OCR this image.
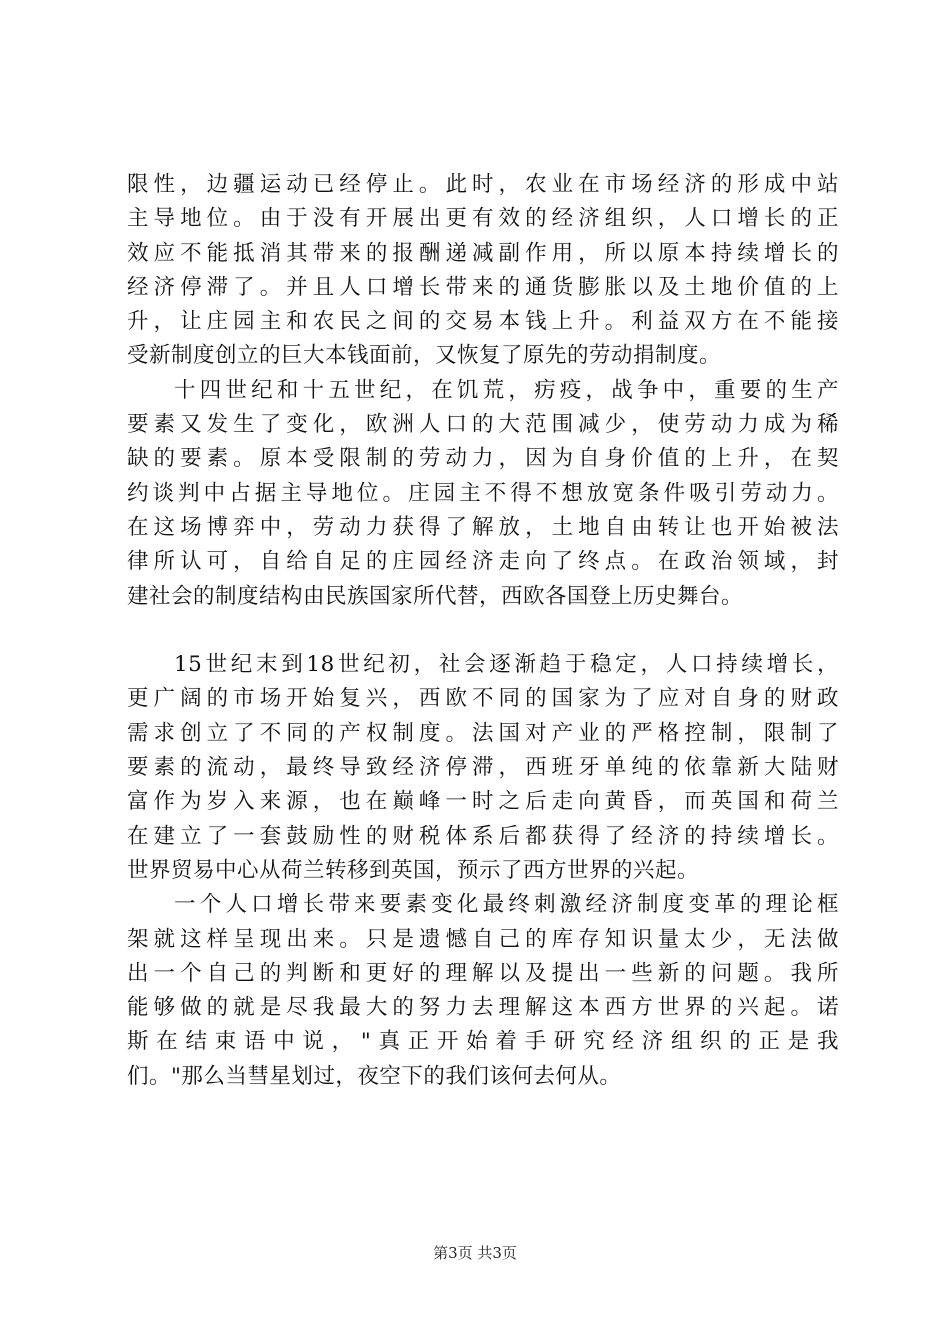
限性，边疆运动已经停止。此时，农业在市场经济的形成中站
主导地位。由于没有开展出更有效的经济组织，人口增长的正
效应不能抵消其带来的报酬递减副作用，所以原本持续增长的
经济停滞了。并且人口增长带来的通货膨胀以及土地价值的上
升，让庄园主和农民之间的交易本钱上升。利益双方在不能接
受新制度创立的巨大本钱面前，又恢复了原先的劳动捐制度。
十四世纪和十五世纪，在饥荒，疠疫，战争中，重要的生产
要素又发生了变化，欧洲人口的大范围减少，使劳动力成为稀
缺的要素。原本受限制的劳动力，因为自身价值的上升，在契
约谈判中占据主导地位。庄园主不得不想放宽条件吸引劳动力。
在这场博弈中，劳动力获得了解放，土地自由转让也开始被法
律所认可，自给自足的庄园经济走向了终点。在政治领域，封
建社会的制度结构由民族国家所代替，西欧各国登上历史舞台。
15世纪末到18世纪初，社会逐渐趋于稳定，人口持续增长，
更广阔的市场开始复兴，西欧不同的国家为了应对自身的财政
需求创立了不同的产权制度。法国对产业的严格控制，限制了
要素的流动，最终导致经济停滞，西班牙单纯的依靠新大陆财
富作为岁入来源，也在巅峰一时之后走向黄昏，而英国和荷兰
在建立了一套鼓励性的财税体系后都获得了经济的持续增长。
世界贸易中心从荷兰转移到英国，预示了西方世界的兴起。
一个人口增长带来要素变化最终刺激经济制度变革的理论框
架就这样呈现出来。只是遗憾自己的库存知识量太少，无法做
出一个自己的判断和更好的理解以及提出一些新的问题。我所
能够做的就是尽我最大的努力去理解这本西方世界的兴起。诺
斯在结束语中说，"真正开始着手研究经济组织的正是我
们。"那么当彗星划过，夜空下的我们该何去何从。
第3页 共3页
